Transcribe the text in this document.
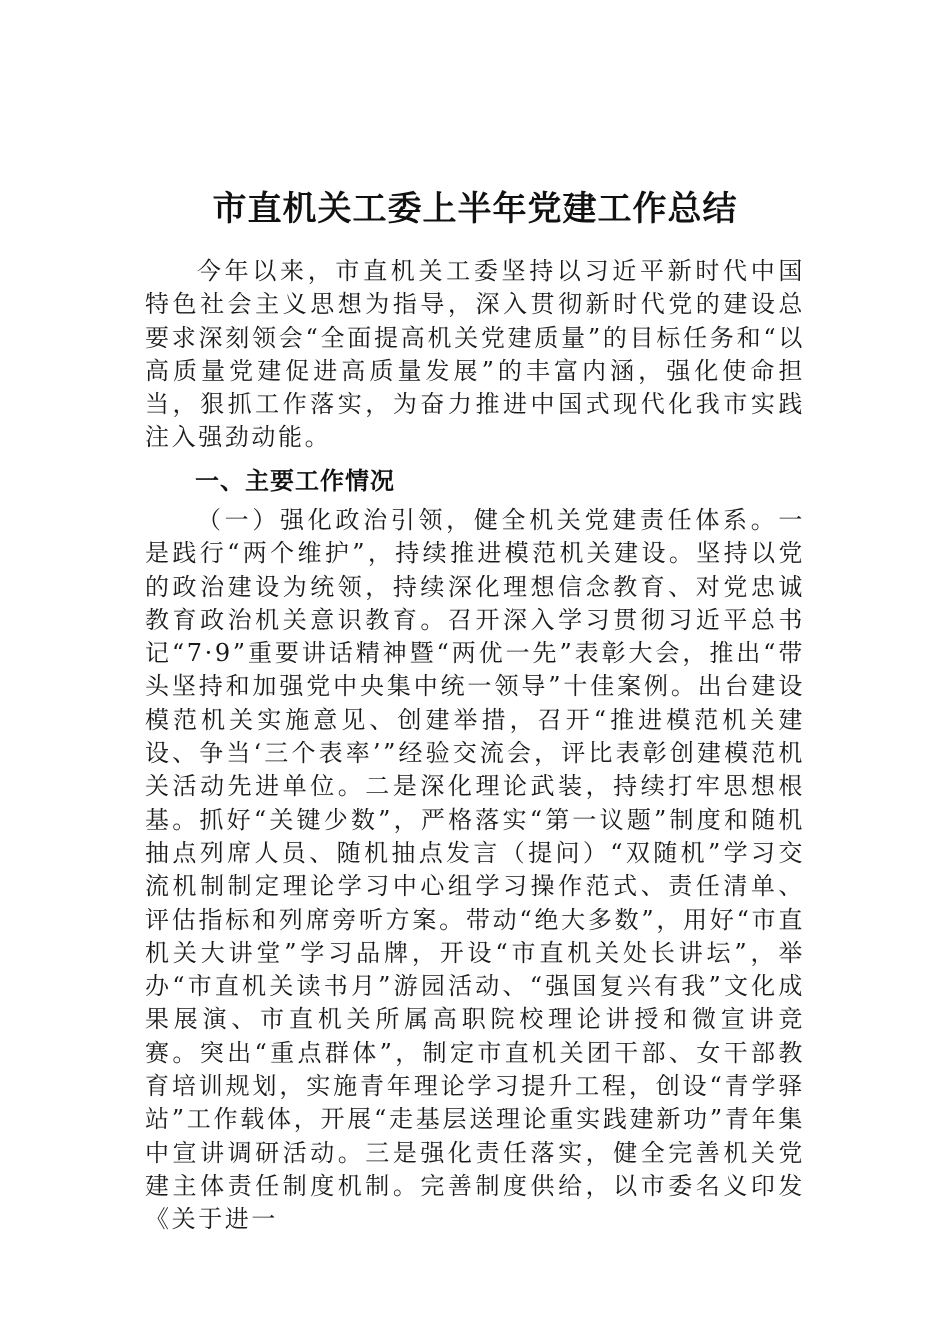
市直机关工委上半年党建工作总结

今年以来，市直机关工委坚持以习近平新时代中国特色社会主义思想为指导，深入贯彻新时代党的建设总要求深刻领会“全面提高机关党建质量”的目标任务和“以高质量党建促进高质量发展”的丰富内涵，强化使命担当，狠抓工作落实，为奋力推进中国式现代化我市实践注入强劲动能。

一、主要工作情况

（一）强化政治引领，健全机关党建责任体系。一是践行“两个维护”，持续推进模范机关建设。坚持以党的政治建设为统领，持续深化理想信念教育、对党忠诚教育政治机关意识教育。召开深入学习贯彻习近平总书记“7·9”重要讲话精神暨“两优一先”表彰大会，推出“带头坚持和加强党中央集中统一领导”十佳案例。出台建设模范机关实施意见、创建举措，召开“推进模范机关建设、争当‘三个表率’”经验交流会，评比表彰创建模范机关活动先进单位。二是深化理论武装，持续打牢思想根基。抓好“关键少数”，严格落实“第一议题”制度和随机抽点列席人员、随机抽点发言（提问）“双随机”学习交流机制制定理论学习中心组学习操作范式、责任清单、评估指标和列席旁听方案。带动“绝大多数”，用好“市直机关大讲堂”学习品牌，开设“市直机关处长讲坛”，举办“市直机关读书月”游园活动、“强国复兴有我”文化成果展演、市直机关所属高职院校理论讲授和微宣讲竞赛。突出“重点群体”，制定市直机关团干部、女干部教育培训规划，实施青年理论学习提升工程，创设“青学驿站”工作载体，开展“走基层送理论重实践建新功”青年集中宣讲调研活动。三是强化责任落实，健全完善机关党建主体责任制度机制。完善制度供给，以市委名义印发《关于进一
